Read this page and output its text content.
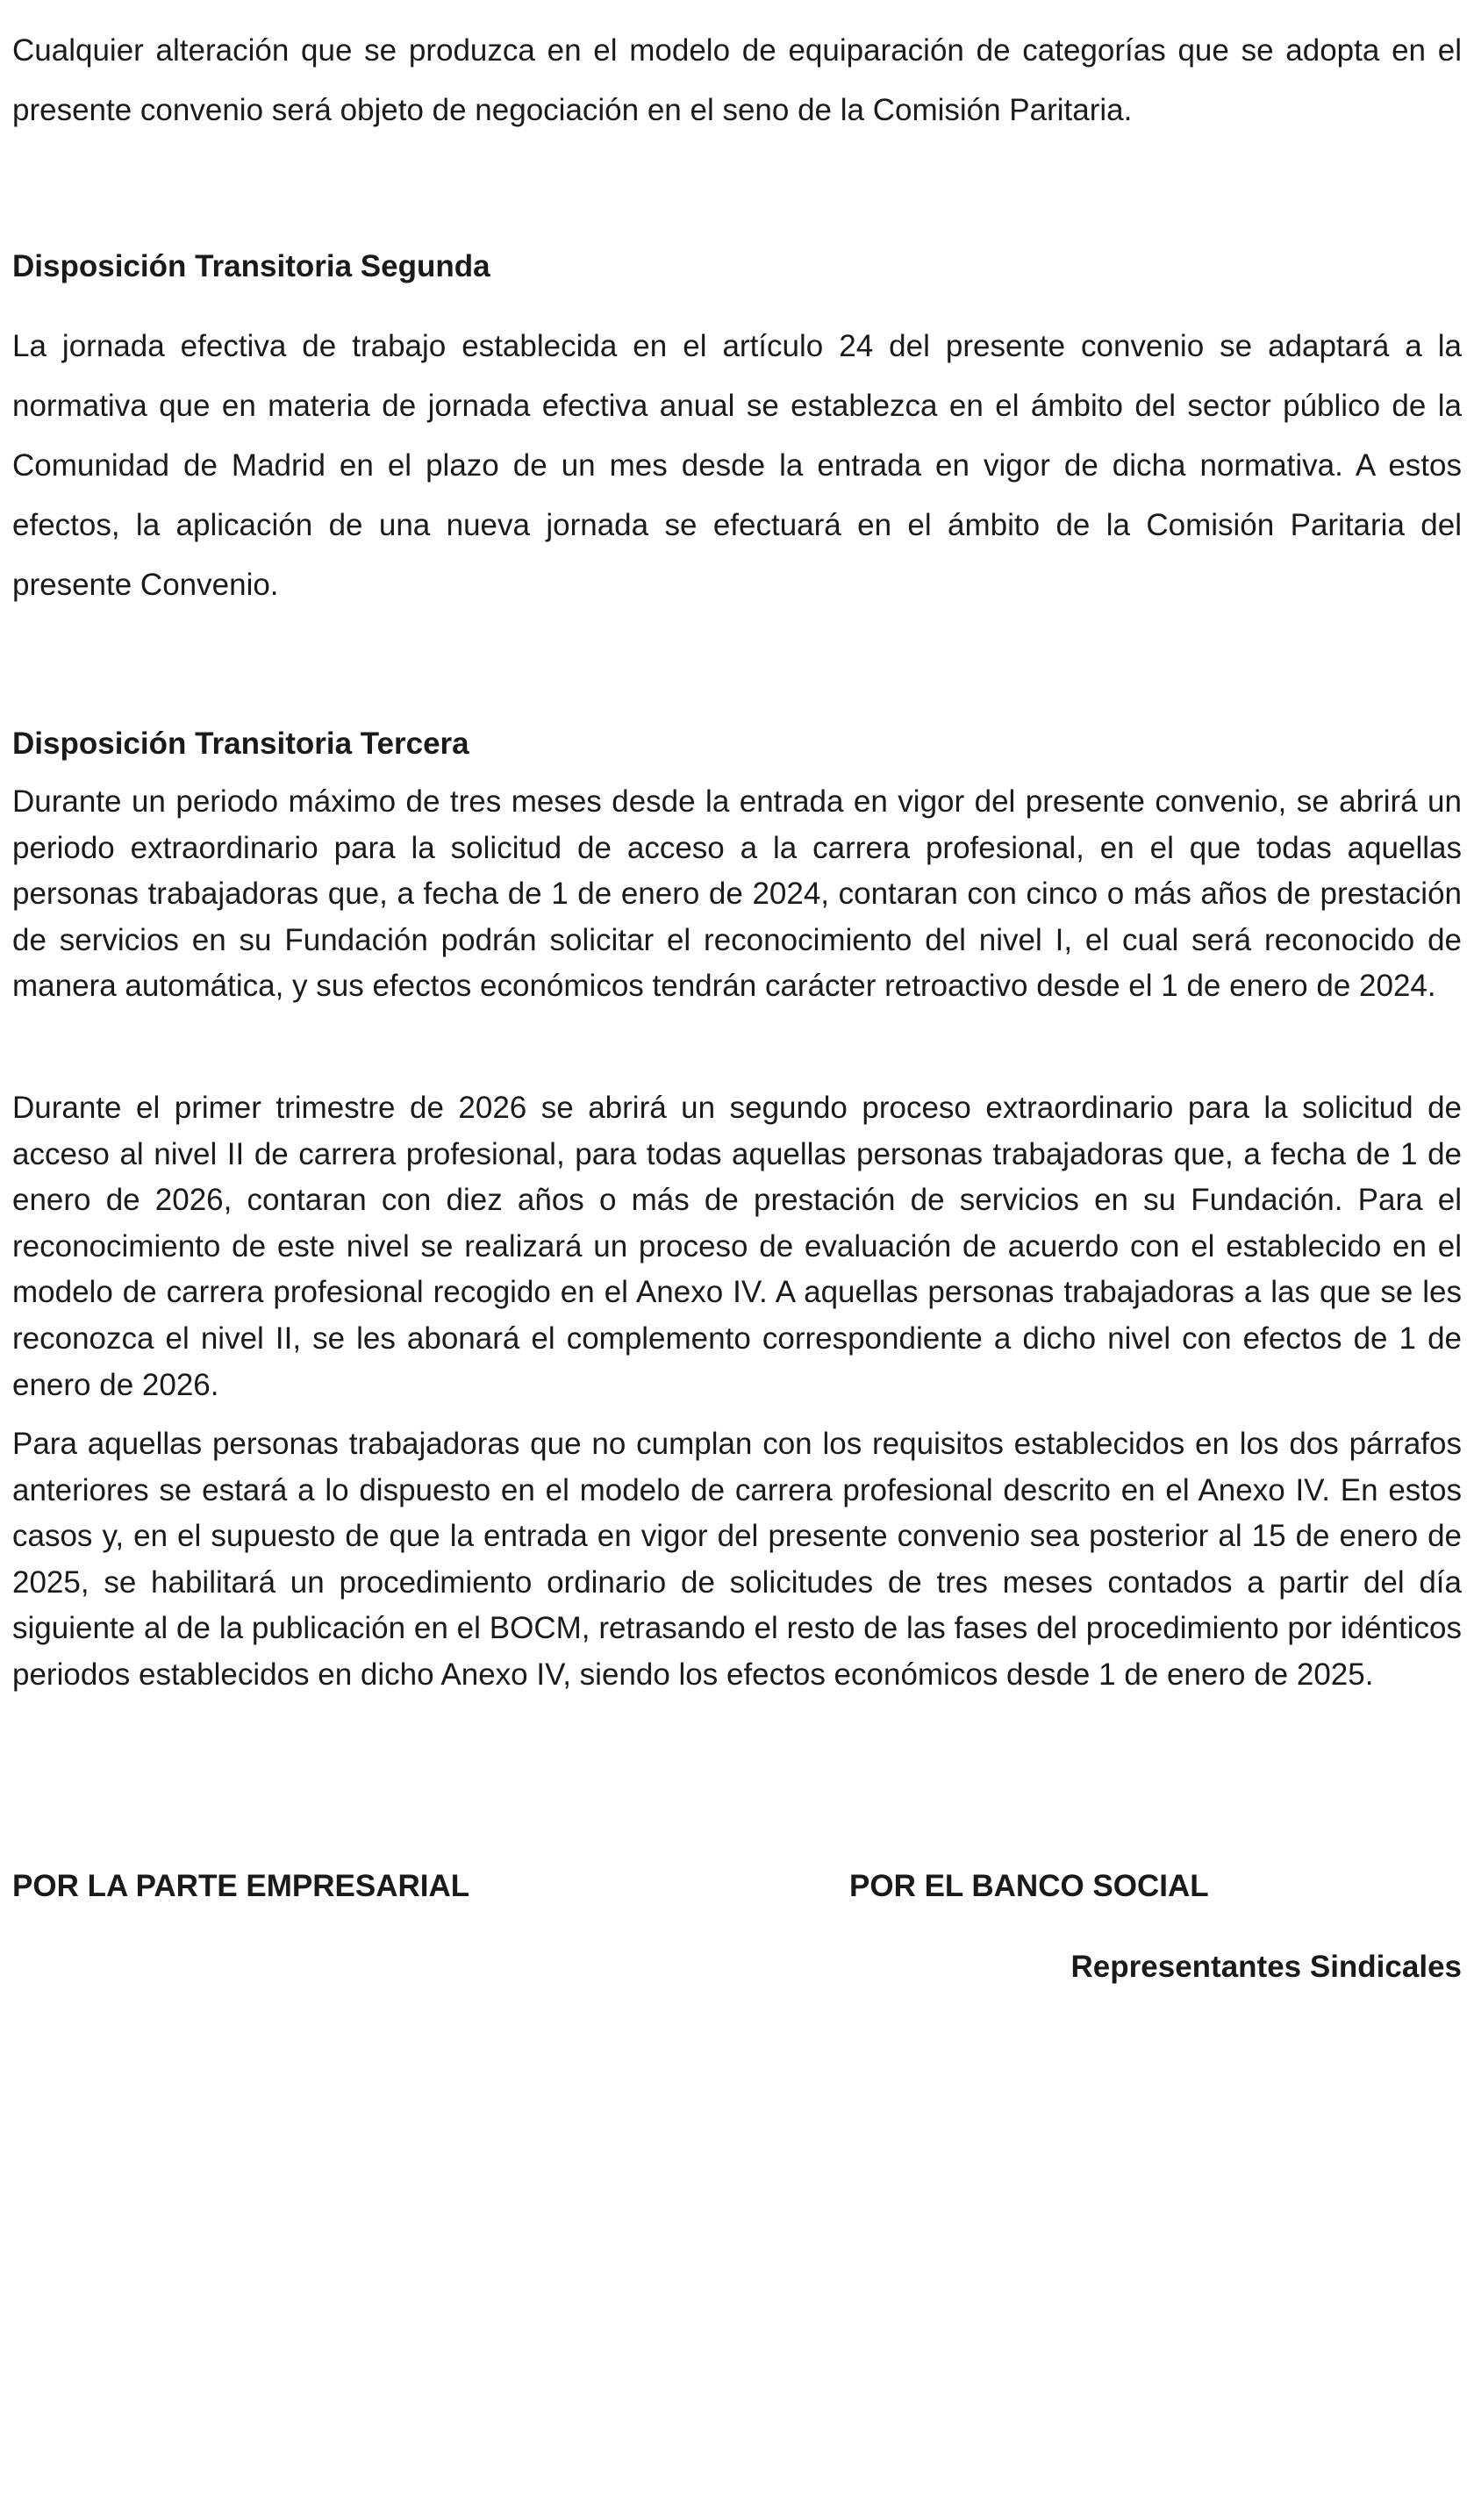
Cualquier alteración que se produzca en el modelo de equiparación de categorías que se adopta en el presente convenio será objeto de negociación en el seno de la Comisión Paritaria.

Disposición Transitoria Segunda

La jornada efectiva de trabajo establecida en el artículo 24 del presente convenio se adaptará a la normativa que en materia de jornada efectiva anual se establezca en el ámbito del sector público de la Comunidad de Madrid en el plazo de un mes desde la entrada en vigor de dicha normativa. A estos efectos, la aplicación de una nueva jornada se efectuará en el ámbito de la Comisión Paritaria del presente Convenio.

Disposición Transitoria Tercera

Durante un periodo máximo de tres meses desde la entrada en vigor del presente convenio, se abrirá un periodo extraordinario para la solicitud de acceso a la carrera profesional, en el que todas aquellas personas trabajadoras que, a fecha de 1 de enero de 2024, contaran con cinco o más años de prestación de servicios en su Fundación podrán solicitar el reconocimiento del nivel I, el cual será reconocido de manera automática, y sus efectos económicos tendrán carácter retroactivo desde el 1 de enero de 2024.

Durante el primer trimestre de 2026 se abrirá un segundo proceso extraordinario para la solicitud de acceso al nivel II de carrera profesional, para todas aquellas personas trabajadoras que, a fecha de 1 de enero de 2026, contaran con diez años o más de prestación de servicios en su Fundación. Para el reconocimiento de este nivel se realizará un proceso de evaluación de acuerdo con el establecido en el modelo de carrera profesional recogido en el Anexo IV. A aquellas personas trabajadoras a las que se les reconozca el nivel II, se les abonará el complemento correspondiente a dicho nivel con efectos de 1 de enero de 2026.

Para aquellas personas trabajadoras que no cumplan con los requisitos establecidos en los dos párrafos anteriores se estará a lo dispuesto en el modelo de carrera profesional descrito en el Anexo IV. En estos casos y, en el supuesto de que la entrada en vigor del presente convenio sea posterior al 15 de enero de 2025, se habilitará un procedimiento ordinario de solicitudes de tres meses contados a partir del día siguiente al de la publicación en el BOCM, retrasando el resto de las fases del procedimiento por idénticos periodos establecidos en dicho Anexo IV, siendo los efectos económicos desde 1 de enero de 2025.

POR LA PARTE EMPRESARIAL	POR EL BANCO SOCIAL
Representantes Sindicales
